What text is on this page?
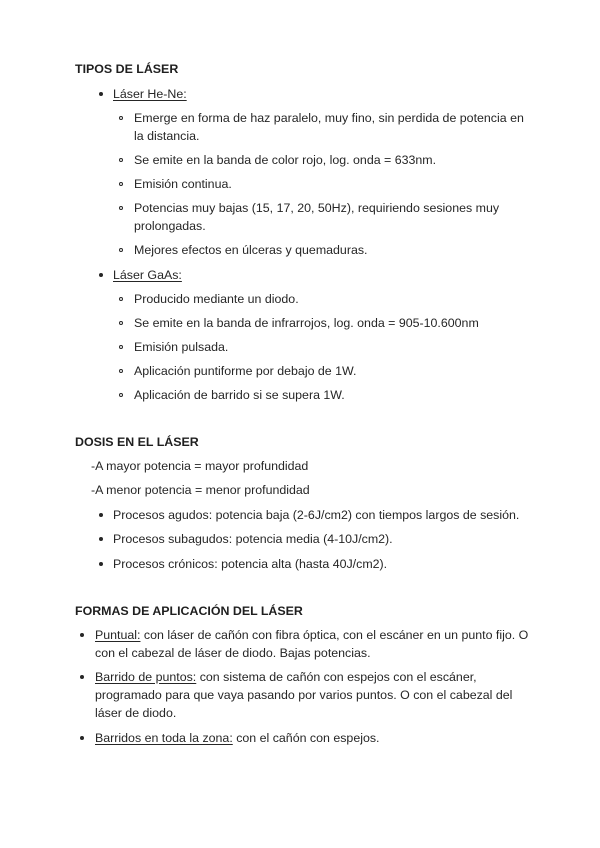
TIPOS DE LÁSER
Láser He-Ne:
Emerge en forma de haz paralelo, muy fino, sin perdida de potencia en la distancia.
Se emite en la banda de color rojo, log. onda = 633nm.
Emisión continua.
Potencias muy bajas (15, 17, 20, 50Hz), requiriendo sesiones muy prolongadas.
Mejores efectos en úlceras y quemaduras.
Láser GaAs:
Producido mediante un diodo.
Se emite en la banda de infrarrojos, log. onda = 905-10.600nm
Emisión pulsada.
Aplicación puntiforme por debajo de 1W.
Aplicación de barrido si se supera 1W.
DOSIS EN EL LÁSER
-A mayor potencia = mayor profundidad
-A menor potencia = menor profundidad
Procesos agudos: potencia baja (2-6J/cm2) con tiempos largos de sesión.
Procesos subagudos: potencia media (4-10J/cm2).
Procesos crónicos: potencia alta (hasta 40J/cm2).
FORMAS DE APLICACIÓN DEL LÁSER
Puntual: con láser de cañón con fibra óptica, con el escáner en un punto fijo. O con el cabezal de láser de diodo. Bajas potencias.
Barrido de puntos: con sistema de cañón con espejos con el escáner, programado para que vaya pasando por varios puntos. O con el cabezal del láser de diodo.
Barridos en toda la zona: con el cañón con espejos.
